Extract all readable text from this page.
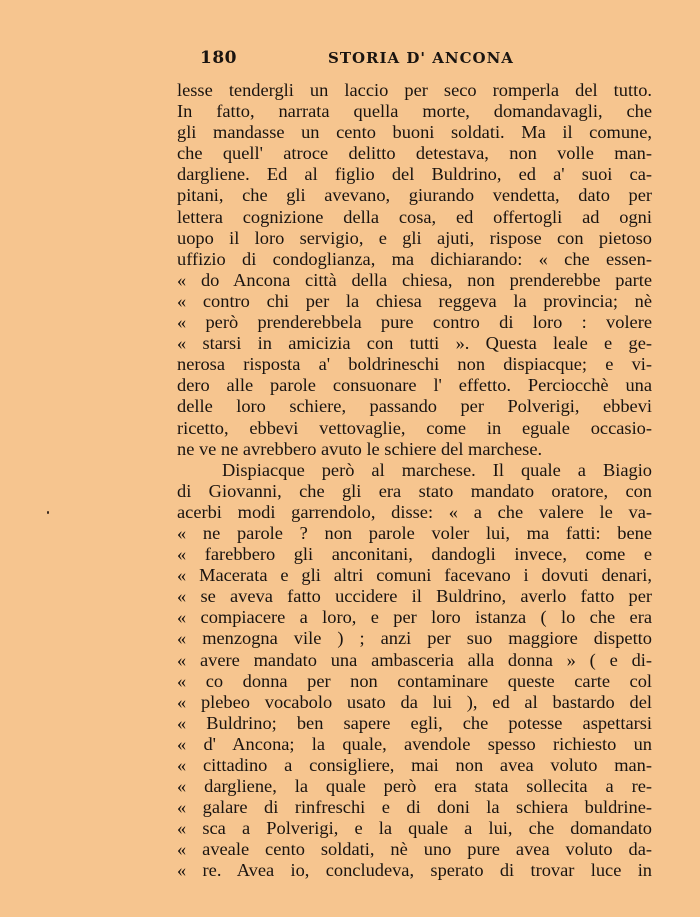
180	STORIA D' ANCONA
lesse tendergli un laccio per seco romperla del tutto.
In fatto, narrata quella morte, domandavagli, che
gli mandasse un cento buoni soldati. Ma il comune,
che quell' atroce delitto detestava, non volle man-
dargliene. Ed al figlio del Buldrino, ed a' suoi ca-
pitani, che gli avevano, giurando vendetta, dato per
lettera cognizione della cosa, ed offertogli ad ogni
uopo il loro servigio, e gli ajuti, rispose con pietoso
uffizio di condoglianza, ma dichiarando: « che essen-
« do Ancona città della chiesa, non prenderebbe parte
« contro chi per la chiesa reggeva la provincia; nè
« però prenderebbela pure contro di loro : volere
« starsi in amicizia con tutti ». Questa leale e ge-
nerosa risposta a' boldrineschi non dispiacque; e vi-
dero alle parole consuonare l' effetto. Perciocchè una
delle loro schiere, passando per Polverigi, ebbevi
ricetto, ebbevi vettovaglie, come in eguale occasio-
ne ve ne avrebbero avuto le schiere del marchese.
Dispiacque però al marchese. Il quale a Biagio
di Giovanni, che gli era stato mandato oratore, con
acerbi modi garrendolo, disse: « a che valere le va-
« ne parole ? non parole voler lui, ma fatti: bene
« farebbero gli anconitani, dandogli invece, come e
« Macerata e gli altri comuni facevano i dovuti denari,
« se aveva fatto uccidere il Buldrino, averlo fatto per
« compiacere a loro, e per loro istanza ( lo che era
« menzogna vile ) ; anzi per suo maggiore dispetto
« avere mandato una ambasceria alla donna » ( e di-
« co donna per non contaminare queste carte col
« plebeo vocabolo usato da lui ), ed al bastardo del
« Buldrino; ben sapere egli, che potesse aspettarsi
« d' Ancona; la quale, avendole spesso richiesto un
« cittadino a consigliere, mai non avea voluto man-
« dargliene, la quale però era stata sollecita a re-
« galare di rinfreschi e di doni la schiera buldrine-
« sca a Polverigi, e la quale a lui, che domandato
« avealе cento soldati, nè uno pure avea voluto da-
« re. Avea io, concludeva, sperato di trovar luce in
